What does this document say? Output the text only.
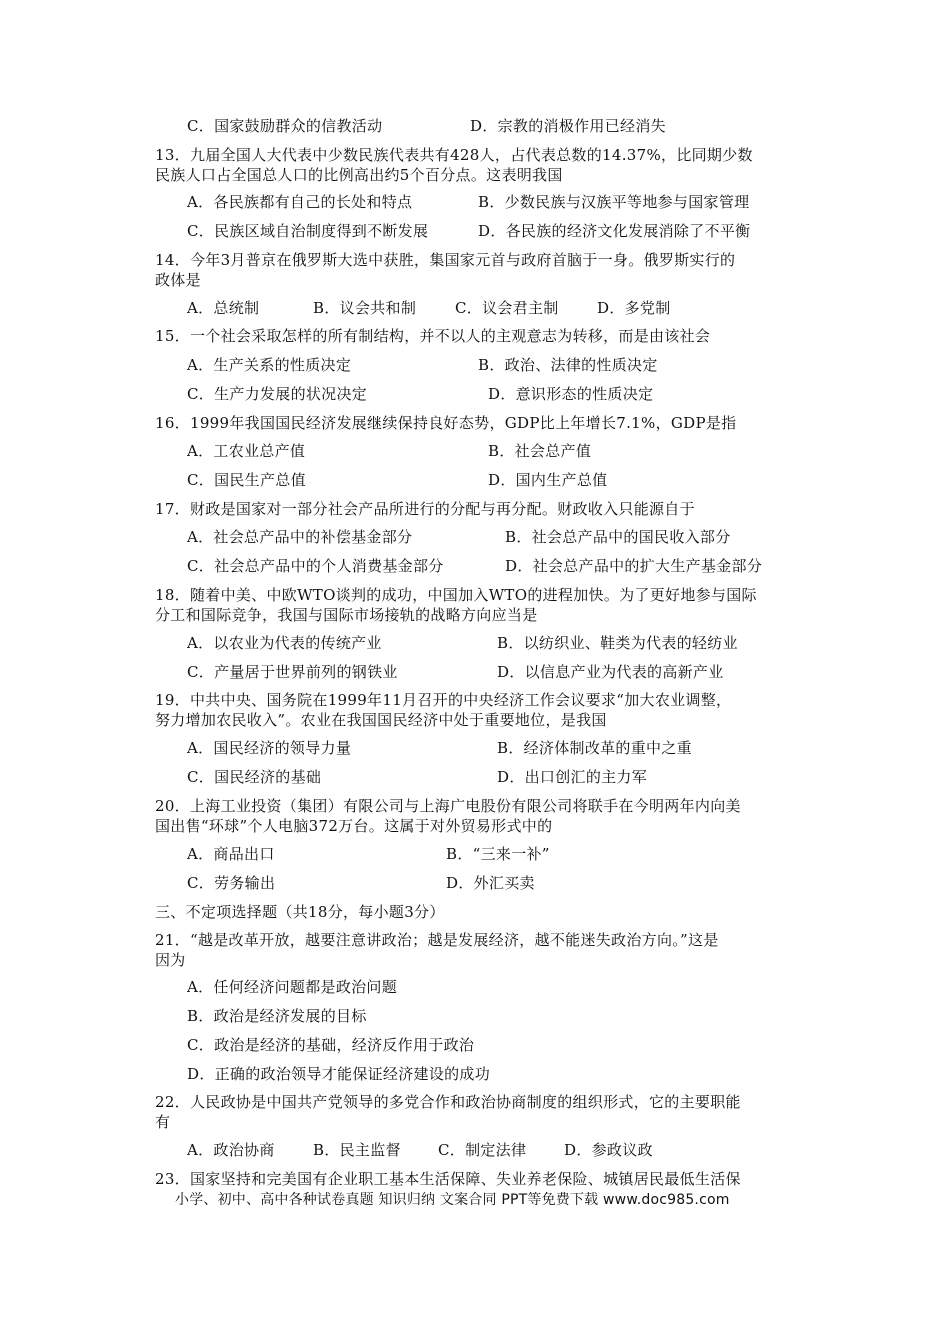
C．国家鼓励群众的信教活动	D．宗教的消极作用已经消失
13．九届全国人大代表中少数民族代表共有428人，占代表总数的14.37%，比同期少数
民族人口占全国总人口的比例高出约5个百分点。这表明我国
A．各民族都有自己的长处和特点	B．少数民族与汉族平等地参与国家管理
C．民族区域自治制度得到不断发展	D．各民族的经济文化发展消除了不平衡
14．今年3月普京在俄罗斯大选中获胜，集国家元首与政府首脑于一身。俄罗斯实行的
政体是
A．总统制	B．议会共和制	C．议会君主制	D．多党制
15．一个社会采取怎样的所有制结构，并不以人的主观意志为转移，而是由该社会
A．生产关系的性质决定	B．政治、法律的性质决定
C．生产力发展的状况决定	D．意识形态的性质决定
16．1999年我国国民经济发展继续保持良好态势，GDP比上年增长7.1%，GDP是指
A．工农业总产值	B．社会总产值
C．国民生产总值	D．国内生产总值
17．财政是国家对一部分社会产品所进行的分配与再分配。财政收入只能源自于
A．社会总产品中的补偿基金部分	B．社会总产品中的国民收入部分
C．社会总产品中的个人消费基金部分	D．社会总产品中的扩大生产基金部分
18．随着中美、中欧WTO谈判的成功，中国加入WTO的进程加快。为了更好地参与国际
分工和国际竞争，我国与国际市场接轨的战略方向应当是
A．以农业为代表的传统产业	B．以纺织业、鞋类为代表的轻纺业
C．产量居于世界前列的钢铁业	D．以信息产业为代表的高新产业
19．中共中央、国务院在1999年11月召开的中央经济工作会议要求“加大农业调整，
努力增加农民收入”。农业在我国国民经济中处于重要地位，是我国
A．国民经济的领导力量	B．经济体制改革的重中之重
C．国民经济的基础	D．出口创汇的主力军
20．上海工业投资（集团）有限公司与上海广电股份有限公司将联手在今明两年内向美
国出售“环球”个人电脑372万台。这属于对外贸易形式中的
A．商品出口	B．“三来一补”
C．劳务输出	D．外汇买卖
三、不定项选择题（共18分，每小题3分）
21．“越是改革开放，越要注意讲政治；越是发展经济，越不能迷失政治方向。”这是
因为
A．任何经济问题都是政治问题
B．政治是经济发展的目标
C．政治是经济的基础，经济反作用于政治
D．正确的政治领导才能保证经济建设的成功
22．人民政协是中国共产党领导的多党合作和政治协商制度的组织形式，它的主要职能
有
A．政治协商	B．民主监督 C．制定法律	D．参政议政
23．国家坚持和完美国有企业职工基本生活保障、失业养老保险、城镇居民最低生活保
小学、初中、高中各种试卷真题 知识归纳 文案合同 PPT等免费下载 www.doc985.com
